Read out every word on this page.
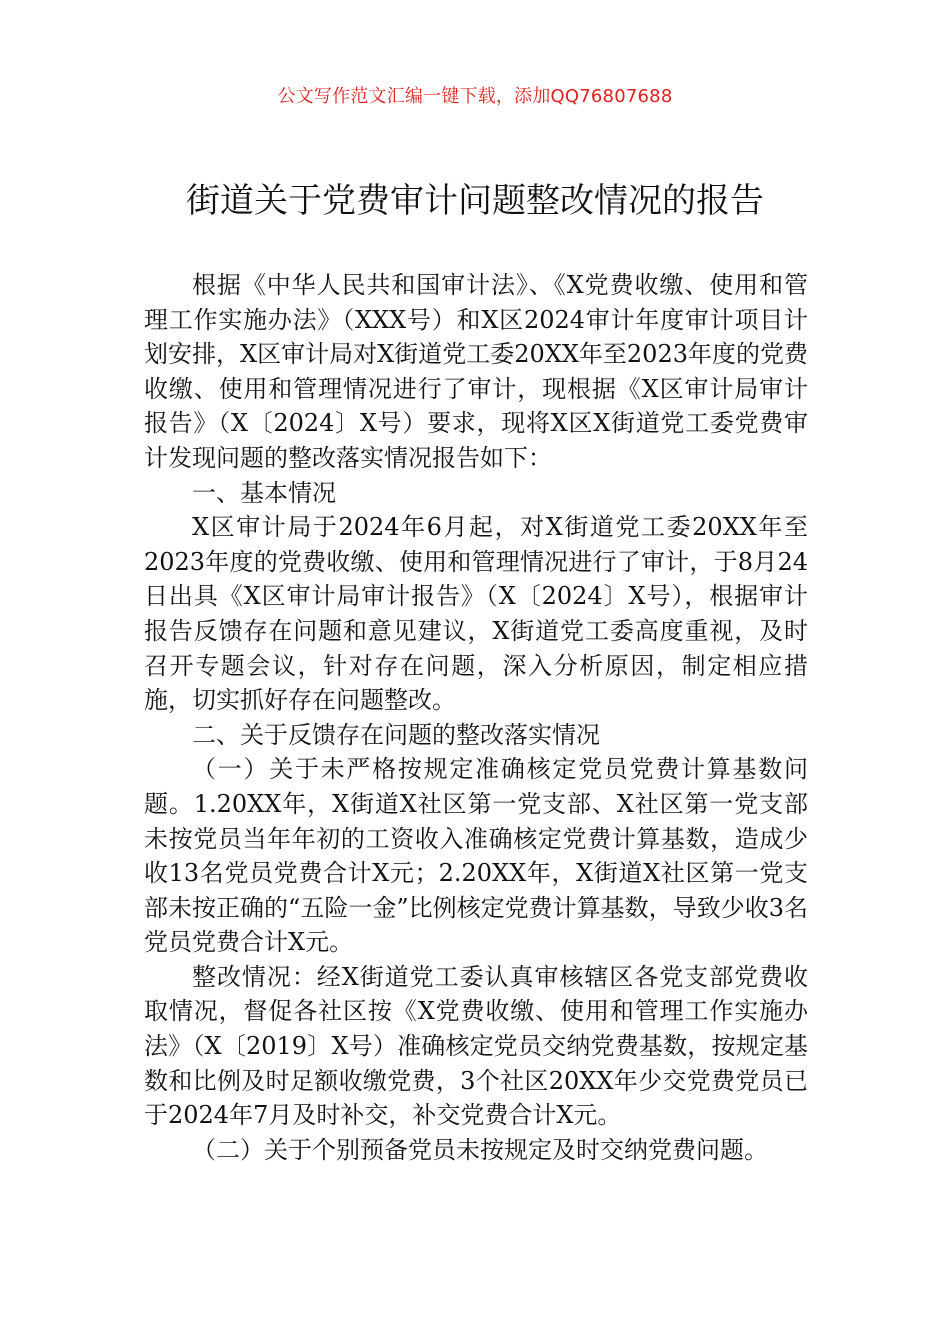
公文写作范文汇编一键下载，添加QQ76807688
街道关于党费审计问题整改情况的报告

根据《中华人民共和国审计法》、《X党费收缴、使用和管理工作实施办法》（XXX号）和X区2024审计年度审计项目计划安排，X区审计局对X街道党工委20XX年至2023年度的党费收缴、使用和管理情况进行了审计，现根据《X区审计局审计报告》（X〔2024〕X号）要求，现将X区X街道党工委党费审计发现问题的整改落实情况报告如下：

一、基本情况

X区审计局于2024年6月起，对X街道党工委20XX年至2023年度的党费收缴、使用和管理情况进行了审计，于8月24日出具《X区审计局审计报告》（X〔2024〕X号），根据审计报告反馈存在问题和意见建议，X街道党工委高度重视，及时召开专题会议，针对存在问题，深入分析原因，制定相应措施，切实抓好存在问题整改。

二、关于反馈存在问题的整改落实情况

（一）关于未严格按规定准确核定党员党费计算基数问题。1.20XX年，X街道X社区第一党支部、X社区第一党支部未按党员当年年初的工资收入准确核定党费计算基数，造成少收13名党员党费合计X元；2.20XX年，X街道X社区第一党支部未按正确的“五险一金”比例核定党费计算基数，导致少收3名党员党费合计X元。

整改情况：经X街道党工委认真审核辖区各党支部党费收取情况，督促各社区按《X党费收缴、使用和管理工作实施办法》（X〔2019〕X号）准确核定党员交纳党费基数，按规定基数和比例及时足额收缴党费，3个社区20XX年少交党费党员已于2024年7月及时补交，补交党费合计X元。

（二）关于个别预备党员未按规定及时交纳党费问题。
